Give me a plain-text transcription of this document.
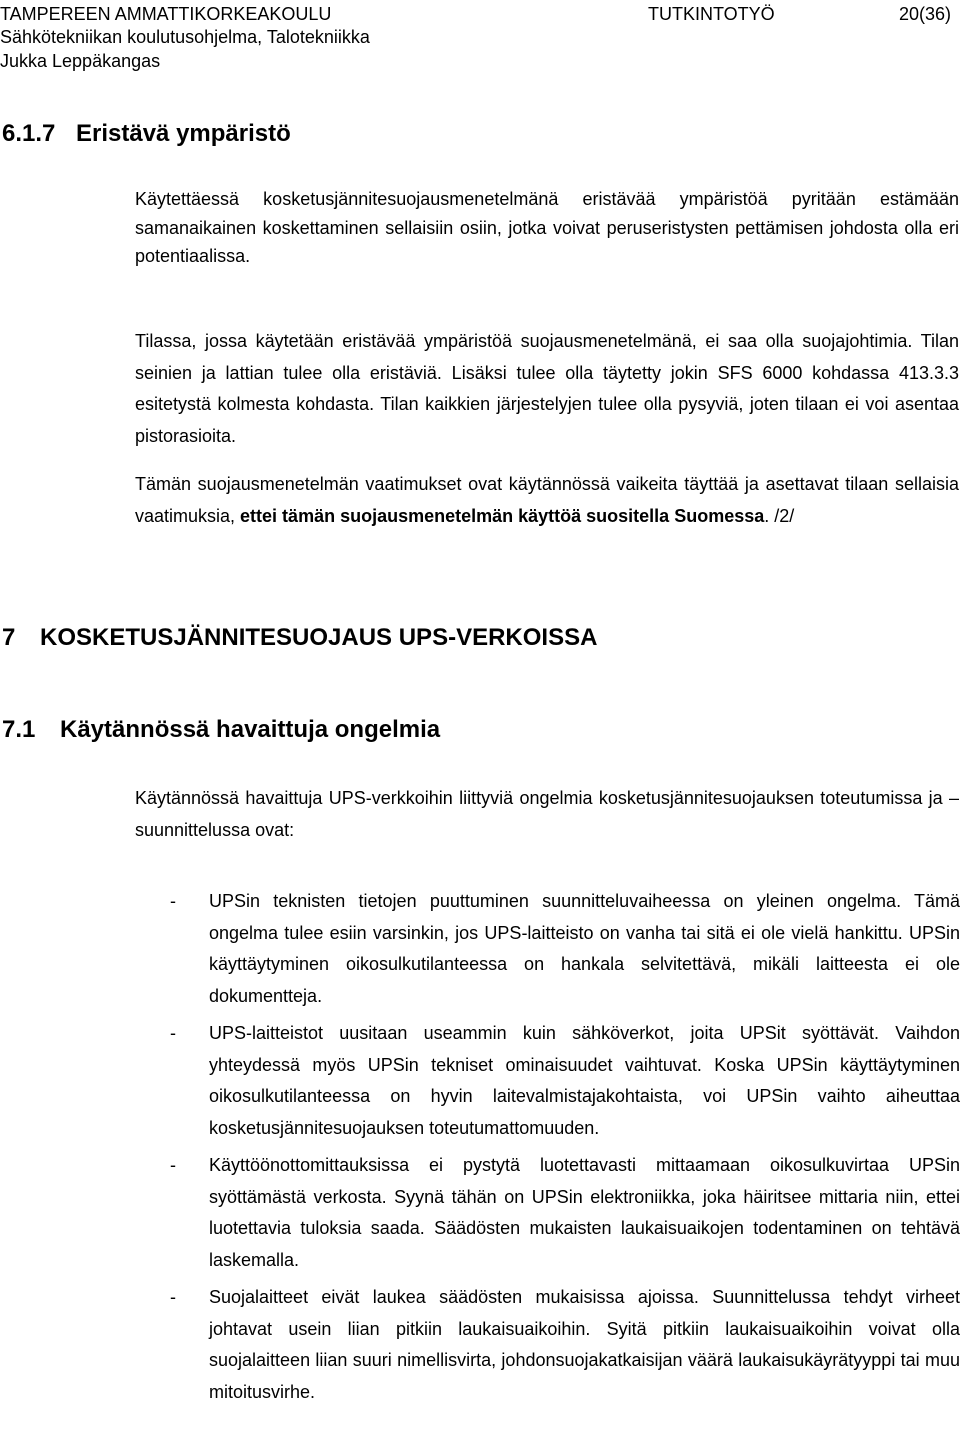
TAMPEREEN AMMATTIKORKEAKOULU	TUTKINTOTYÖ	20(36)
Sähkötekniikan koulutusohjelma, Talotekniikka
Jukka Leppäkangas
6.1.7 Eristävä ympäristö

Käytettäessä kosketusjännitesuojausmenetelmänä eristävää ympäristöä pyritään estämään samanaikainen koskettaminen sellaisiin osiin, jotka voivat peruseristysten pettämisen johdosta olla eri potentiaalissa.

Tilassa, jossa käytetään eristävää ympäristöä suojausmenetelmänä, ei saa olla suojajohtimia. Tilan seinien ja lattian tulee olla eristäviä. Lisäksi tulee olla täytetty jokin SFS 6000 kohdassa 413.3.3 esitetystä kolmesta kohdasta. Tilan kaikkien järjestelyjen tulee olla pysyviä, joten tilaan ei voi asentaa pistorasioita.

Tämän suojausmenetelmän vaatimukset ovat käytännössä vaikeita täyttää ja asettavat tilaan sellaisia vaatimuksia, ettei tämän suojausmenetelmän käyttöä suositella Suomessa. /2/

7 KOSKETUSJÄNNITESUOJAUS UPS-VERKOISSA
7.1 Käytännössä havaittuja ongelmia

Käytännössä havaittuja UPS-verkkoihin liittyviä ongelmia kosketusjännitesuojauksen toteutumissa ja – suunnittelussa ovat:

- UPSin teknisten tietojen puuttuminen suunnitteluvaiheessa on yleinen ongelma. Tämä ongelma tulee esiin varsinkin, jos UPS-laitteisto on vanha tai sitä ei ole vielä hankittu. UPSin käyttäytyminen oikosulkutilanteessa on hankala selvitettävä, mikäli laitteesta ei ole dokumentteja.
- UPS-laitteistot uusitaan useammin kuin sähköverkot, joita UPSit syöttävät. Vaihdon yhteydessä myös UPSin tekniset ominaisuudet vaihtuvat. Koska UPSin käyttäytyminen oikosulkutilanteessa on hyvin laitevalmistajakohtaista, voi UPSin vaihto aiheuttaa kosketusjännitesuojauksen toteutumattomuuden.
- Käyttöönottomittauksissa ei pystytä luotettavasti mittaamaan oikosulkuvirtaa UPSin syöttämästä verkosta. Syynä tähän on UPSin elektroniikka, joka häiritsee mittaria niin, ettei luotettavia tuloksia saada. Säädösten mukaisten laukaisuaikojen todentaminen on tehtävä laskemalla.
- Suojalaitteet eivät laukea säädösten mukaisissa ajoissa. Suunnittelussa tehdyt virheet johtavat usein liian pitkiin laukaisuaikoihin. Syitä pitkiin laukaisuaikoihin voivat olla suojalaitteen liian suuri nimellisvirta, johdonsuojakatkaisijan väärä laukaisukäyrätyyppi tai muu mitoitusvirhe.
